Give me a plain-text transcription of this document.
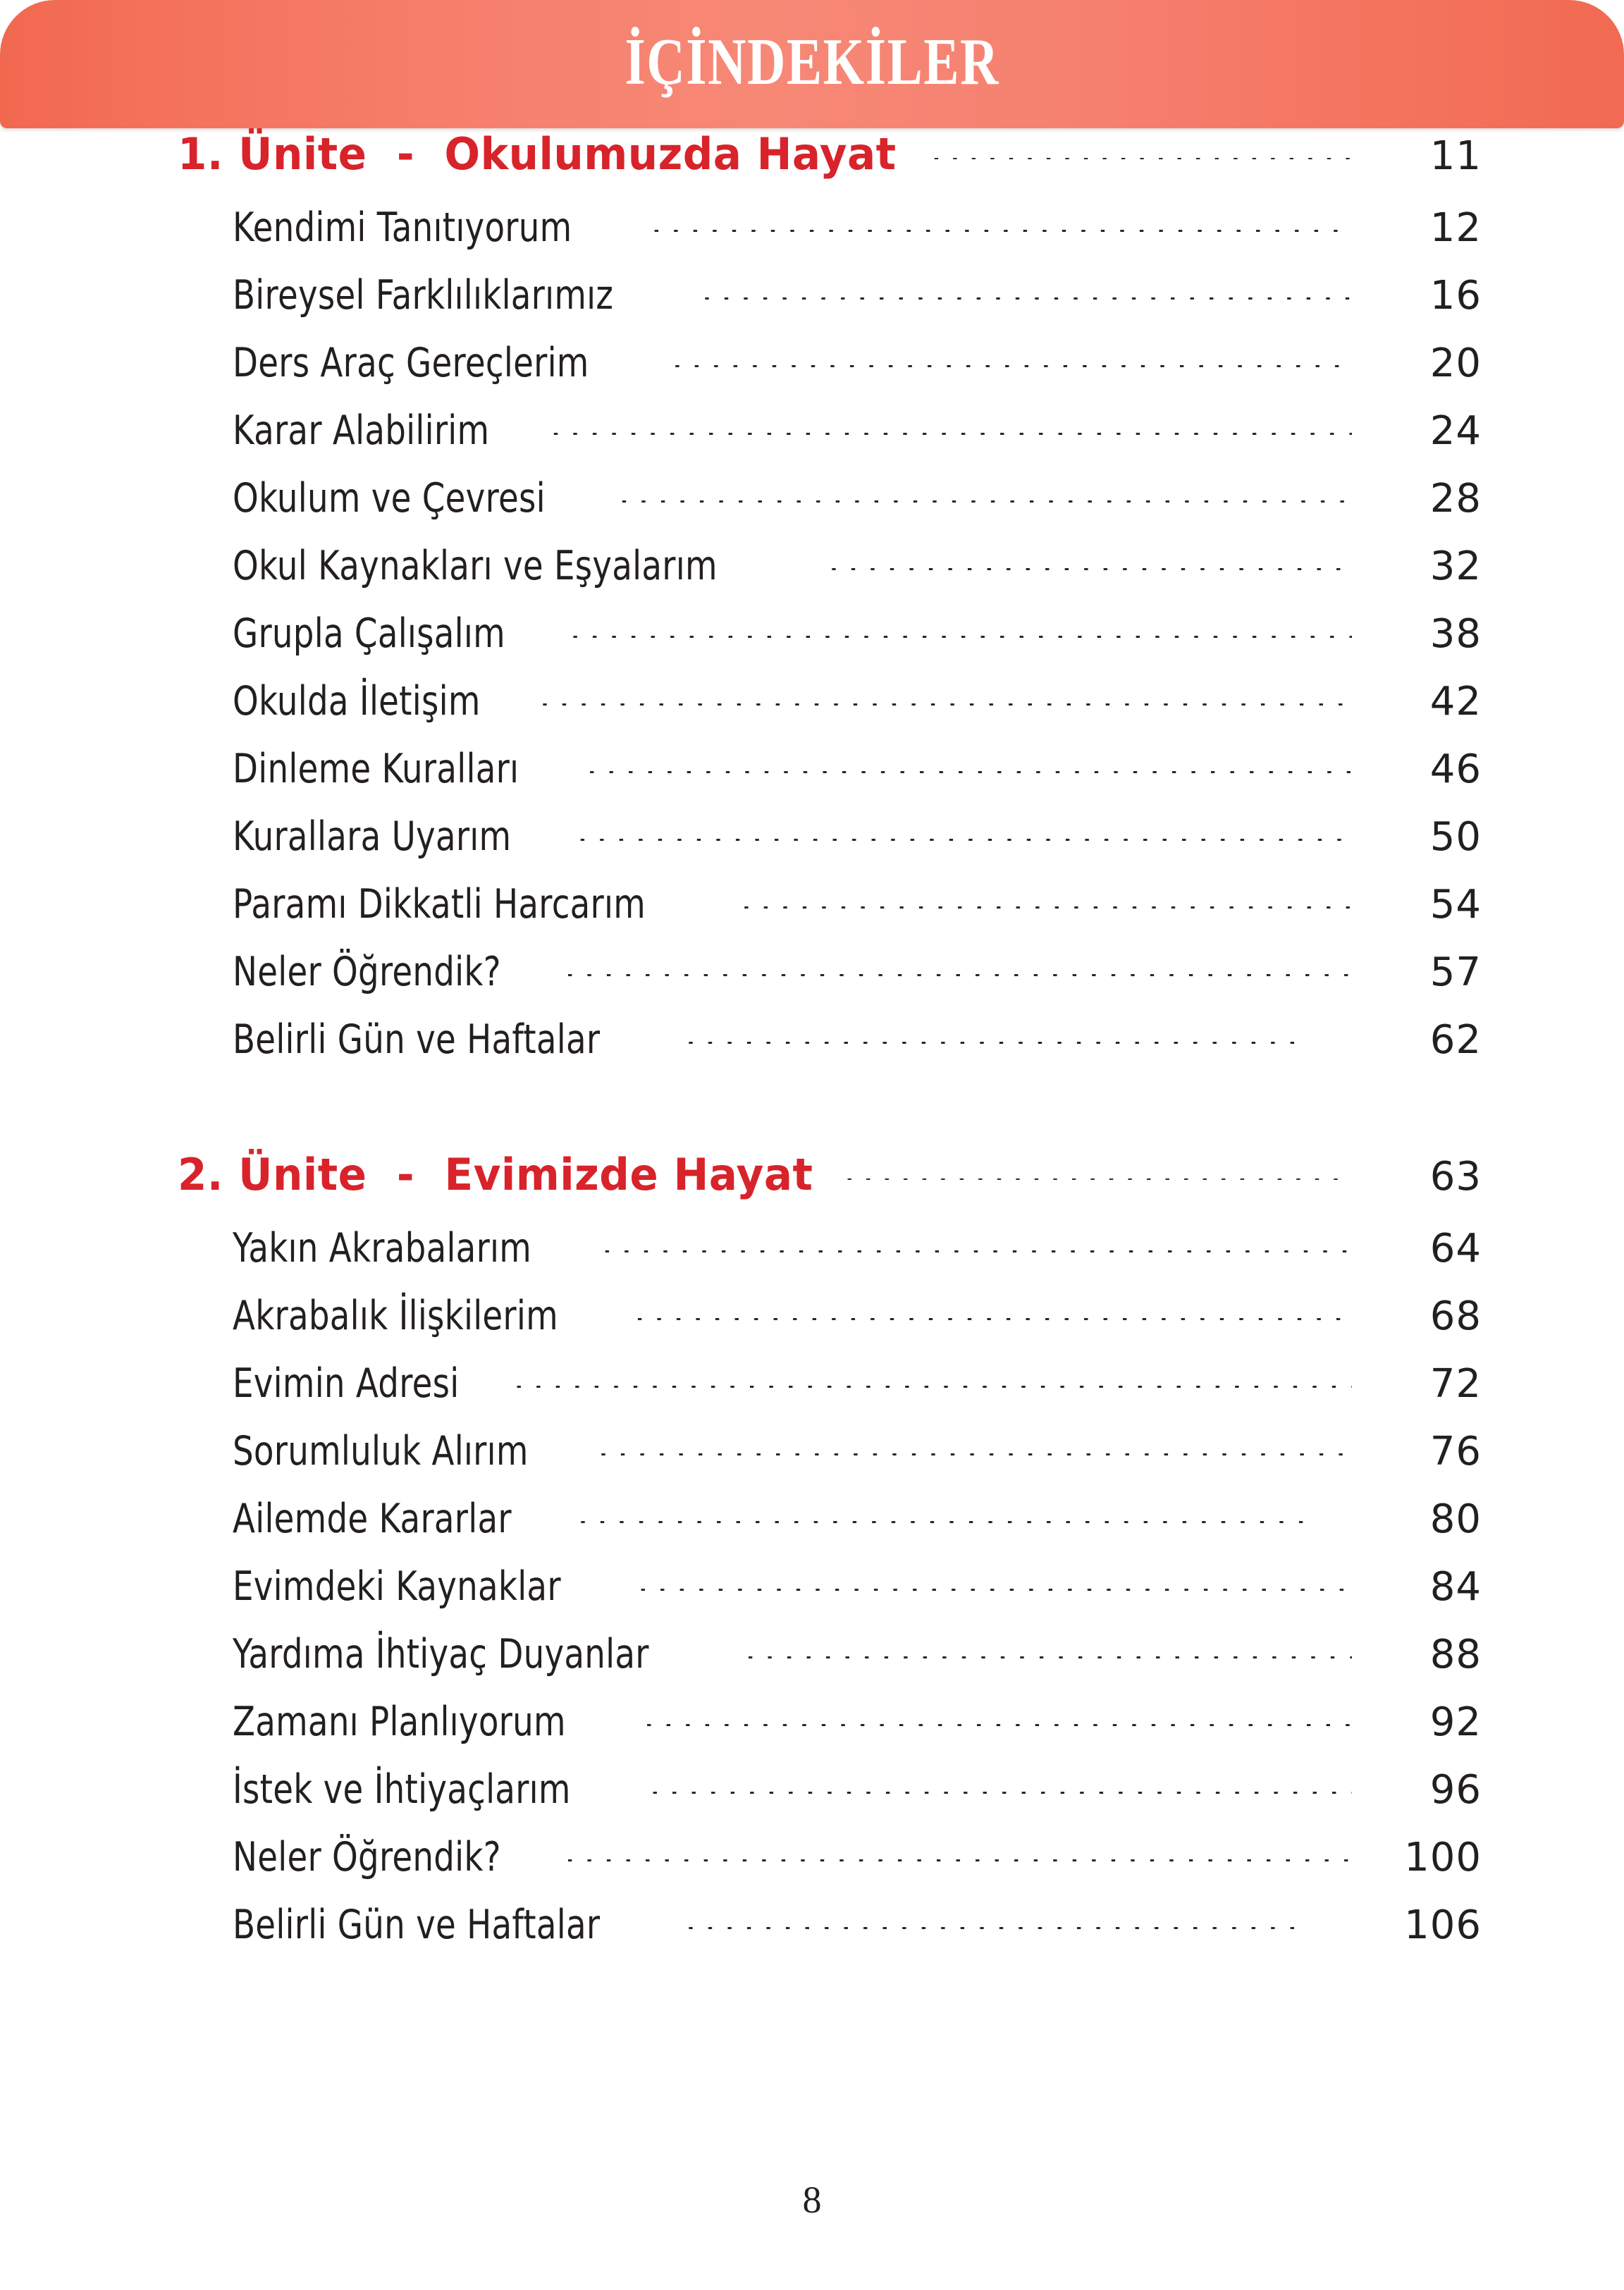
İÇİNDEKİLER
1. Ünite  -  Okulumuzda Hayat .....	11
Kendimi Tanıtıyorum .....	12
Bireysel Farklılıklarımız .....	16
Ders Araç Gereçlerim .....	20
Karar Alabilirim .....	24
Okulum ve Çevresi .....	28
Okul Kaynakları ve Eşyalarım .....	32
Grupla Çalışalım .....	38
Okulda İletişim .....	42
Dinleme Kuralları .....	46
Kurallara Uyarım .....	50
Paramı Dikkatli Harcarım .....	54
Neler Öğrendik? .....	57
Belirli Gün ve Haftalar .....	62
2. Ünite  -  Evimizde Hayat .....	63
Yakın Akrabalarım .....	64
Akrabalık İlişkilerim .....	68
Evimin Adresi .....	72
Sorumluluk Alırım .....	76
Ailemde Kararlar .....	80
Evimdeki Kaynaklar .....	84
Yardıma İhtiyaç Duyanlar .....	88
Zamanı Planlıyorum .....	92
İstek ve İhtiyaçlarım .....	96
Neler Öğrendik? .....	100
Belirli Gün ve Haftalar .....	106
8
